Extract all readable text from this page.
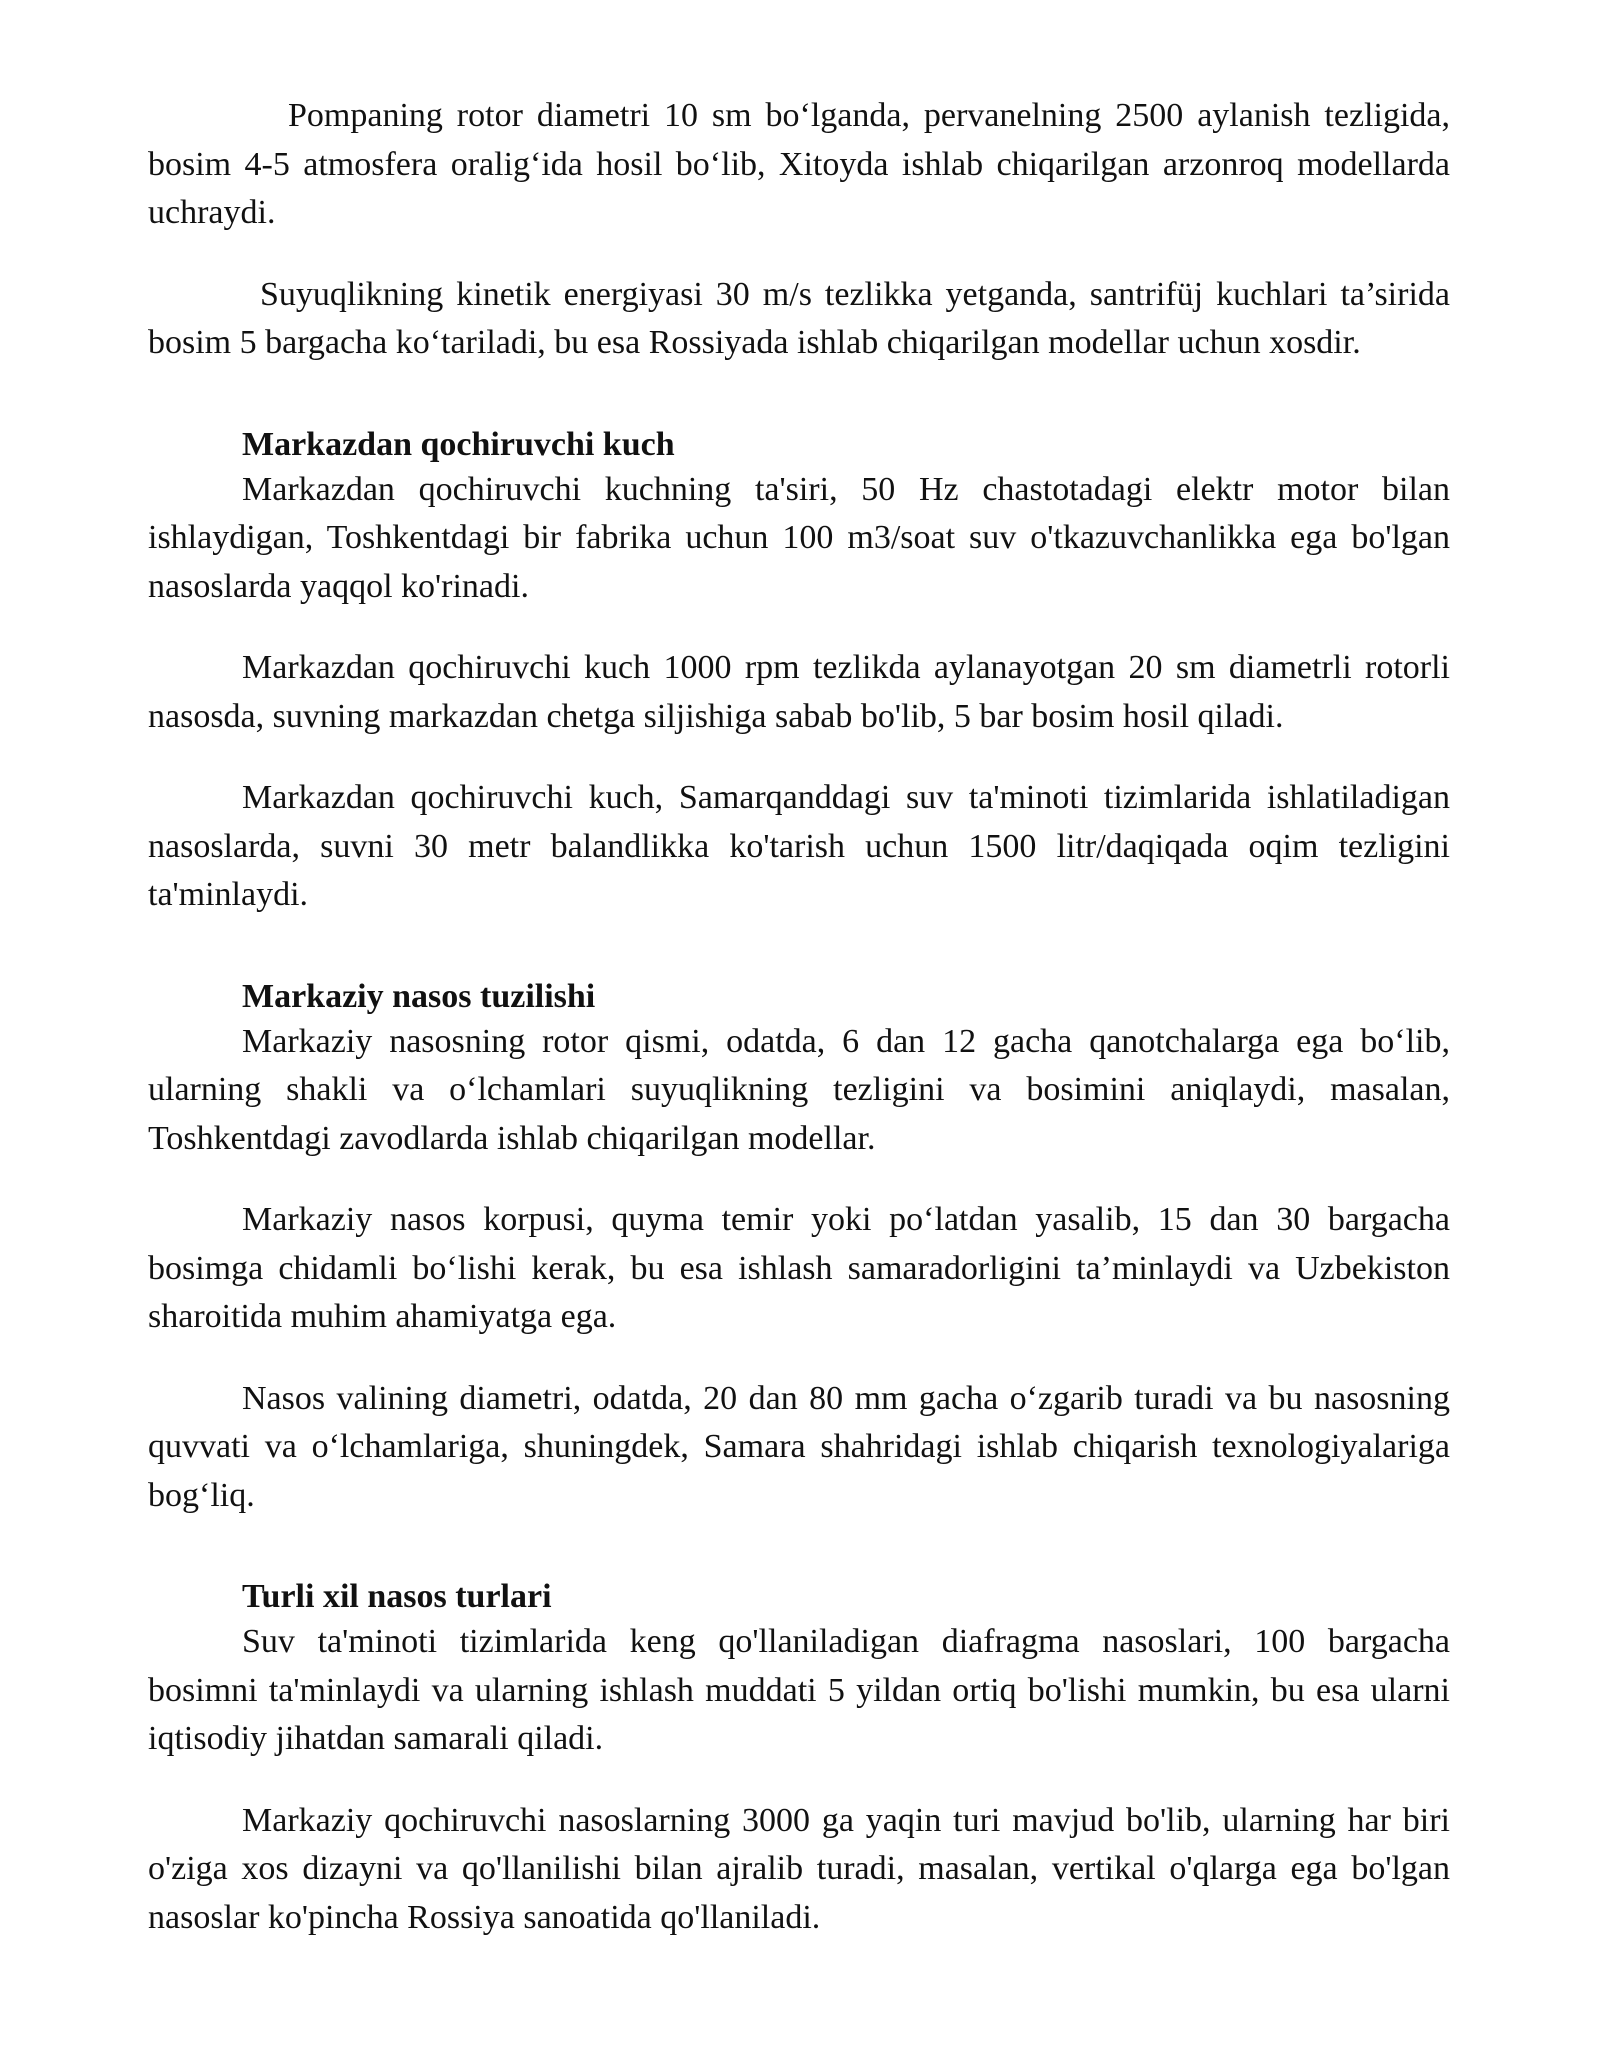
Pompaning rotor diametri 10 sm bo‘lganda, pervanelning 2500 aylanish tezligida, bosim 4-5 atmosfera oralig‘ida hosil bo‘lib, Xitoyda ishlab chiqarilgan arzonroq modellarda uchraydi.

Suyuqlikning kinetik energiyasi 30 m/s tezlikka yetganda, santrifüj kuchlari ta’sirida bosim 5 bargacha ko‘tariladi, bu esa Rossiyada ishlab chiqarilgan modellar uchun xosdir.

Markazdan qochiruvchi kuch

Markazdan qochiruvchi kuchning ta'siri, 50 Hz chastotadagi elektr motor bilan ishlaydigan, Toshkentdagi bir fabrika uchun 100 m3/soat suv o'tkazuvchanlikka ega bo'lgan nasoslarda yaqqol ko'rinadi.

Markazdan qochiruvchi kuch 1000 rpm tezlikda aylanayotgan 20 sm diametrli rotorli nasosda, suvning markazdan chetga siljishiga sabab bo'lib, 5 bar bosim hosil qiladi.

Markazdan qochiruvchi kuch, Samarqanddagi suv ta'minoti tizimlarida ishlatiladigan nasoslarda, suvni 30 metr balandlikka ko'tarish uchun 1500 litr/daqiqada oqim tezligini ta'minlaydi.

Markaziy nasos tuzilishi

Markaziy nasosning rotor qismi, odatda, 6 dan 12 gacha qanotchalarga ega bo‘lib, ularning shakli va o‘lchamlari suyuqlikning tezligini va bosimini aniqlaydi, masalan, Toshkentdagi zavodlarda ishlab chiqarilgan modellar.

Markaziy nasos korpusi, quyma temir yoki po‘latdan yasalib, 15 dan 30 bargacha bosimga chidamli bo‘lishi kerak, bu esa ishlash samaradorligini ta’minlaydi va Uzbekiston sharoitida muhim ahamiyatga ega.

Nasos valining diametri, odatda, 20 dan 80 mm gacha o‘zgarib turadi va bu nasosning quvvati va o‘lchamlariga, shuningdek, Samara shahridagi ishlab chiqarish texnologiyalariga bog‘liq.

Turli xil nasos turlari

Suv ta'minoti tizimlarida keng qo'llaniladigan diafragma nasoslari, 100 bargacha bosimni ta'minlaydi va ularning ishlash muddati 5 yildan ortiq bo'lishi mumkin, bu esa ularni iqtisodiy jihatdan samarali qiladi.

Markaziy qochiruvchi nasoslarning 3000 ga yaqin turi mavjud bo'lib, ularning har biri o'ziga xos dizayni va qo'llanilishi bilan ajralib turadi, masalan, vertikal o'qlarga ega bo'lgan nasoslar ko'pincha Rossiya sanoatida qo'llaniladi.
